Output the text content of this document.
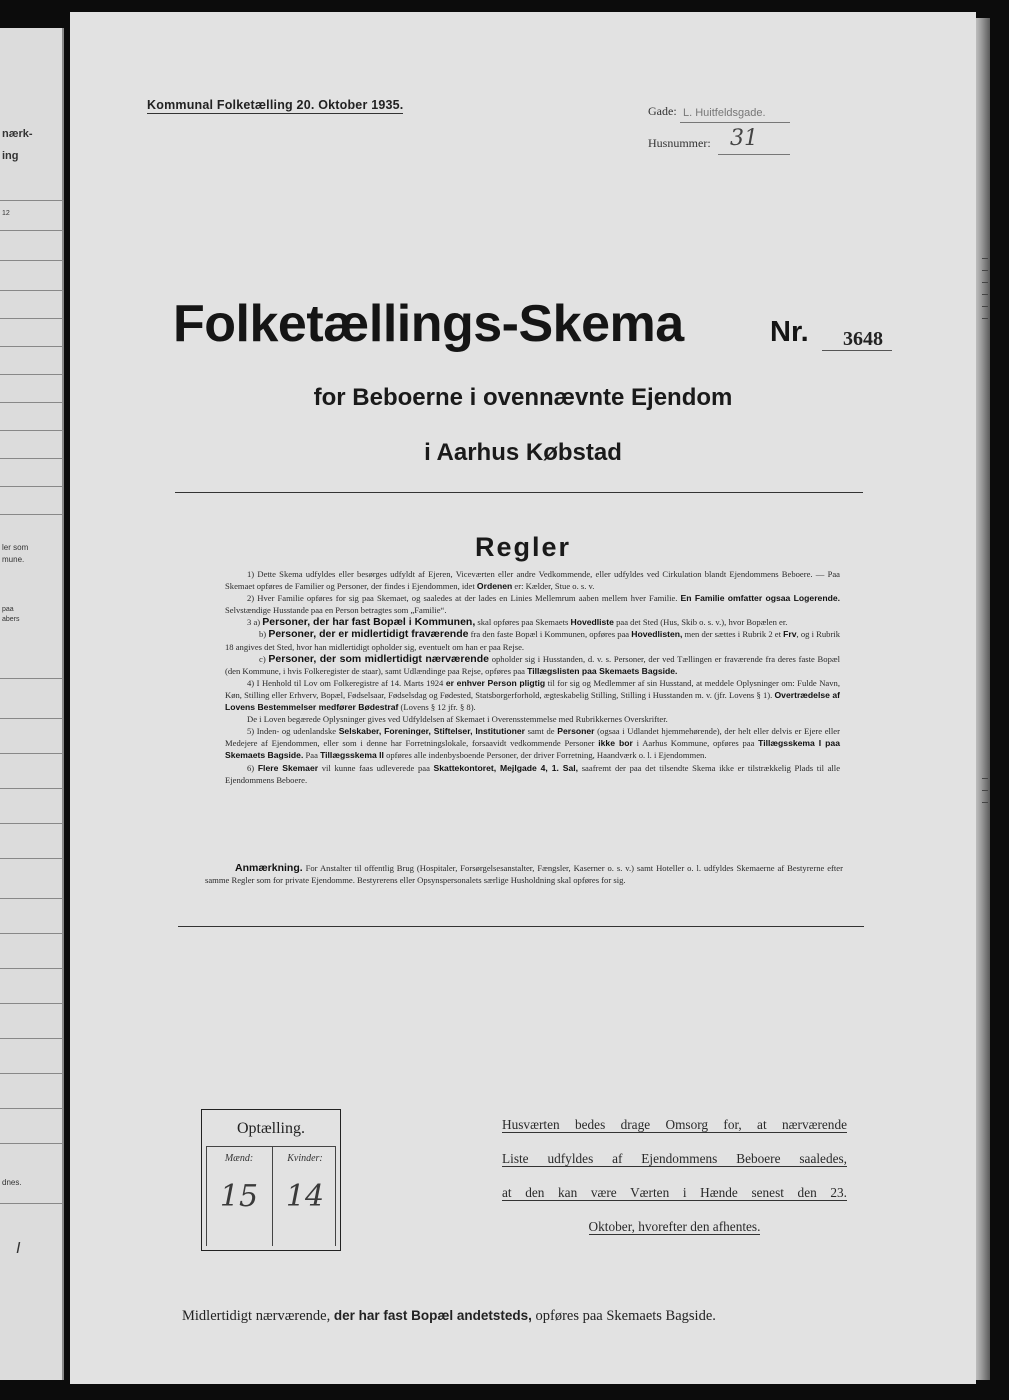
nærk-
ing
12
ler som
mune.
paa
abers
dnes.
I
Kommunal Folketælling 20. Oktober 1935.	Gade: L. Huitfeldsgade.
Husnummer: 31
Folketællings-Skema	Nr. 3648
for Beboerne i ovennævnte Ejendom
i Aarhus Købstad
Regler

1) Dette Skema udfyldes eller besørges udfyldt af Ejeren, Viceværten eller andre Vedkommende, eller udfyldes ved Cirkulation blandt Ejendommens Beboere. — Paa Skemaet opføres de Familier og Personer, der findes i Ejendommen, idet Ordenen er: Kælder, Stue o. s. v.

2) Hver Familie opføres for sig paa Skemaet, og saaledes at der lades en Linies Mellemrum aaben mellem hver Familie. En Familie omfatter ogsaa Logerende. Selvstændige Husstande paa en Person betragtes som „Familie“.

3 a) Personer, der har fast Bopæl i Kommunen, skal opføres paa Skemaets Hovedliste paa det Sted (Hus, Skib o. s. v.), hvor Bopælen er.

b) Personer, der er midlertidigt fraværende fra den faste Bopæl i Kommunen, opføres paa Hovedlisten, men der sættes i Rubrik 2 et Frv, og i Rubrik 18 angives det Sted, hvor han midlertidigt opholder sig, eventuelt om han er paa Rejse.

c) Personer, der som midlertidigt nærværende opholder sig i Husstanden, d. v. s. Personer, der ved Tællingen er fraværende fra deres faste Bopæl (den Kommune, i hvis Folkeregister de staar), samt Udlændinge paa Rejse, opføres paa Tillægslisten paa Skemaets Bagside.

4) I Henhold til Lov om Folkeregistre af 14. Marts 1924 er enhver Person pligtig til for sig og Medlemmer af sin Husstand, at meddele Oplysninger om: Fulde Navn, Køn, Stilling eller Erhverv, Bopæl, Fødselsaar, Fødselsdag og Fødested, Statsborgerforhold, ægteskabelig Stilling, Stilling i Husstanden m. v. (jfr. Lovens § 1). Overtrædelse af Lovens Bestemmelser medfører Bødestraf (Lovens § 12 jfr. § 8).

De i Loven begærede Oplysninger gives ved Udfyldelsen af Skemaet i Overensstemmelse med Rubrikkernes Overskrifter.

5) Inden- og udenlandske Selskaber, Foreninger, Stiftelser, Institutioner samt de Personer (ogsaa i Udlandet hjemmehørende), der helt eller delvis er Ejere eller Medejere af Ejendommen, eller som i denne har Forretningslokale, forsaavidt vedkommende Personer ikke bor i Aarhus Kommune, opføres paa Tillægsskema I paa Skemaets Bagside. Paa Tillægsskema II opføres alle indenbysboende Personer, der driver Forretning, Haandværk o. l. i Ejendommen.

6) Flere Skemaer vil kunne faas udleverede paa Skattekontoret, Mejlgade 4, 1. Sal, saafremt der paa det tilsendte Skema ikke er tilstrækkelig Plads til alle Ejendommens Beboere.

Anmærkning. For Anstalter til offentlig Brug (Hospitaler, Forsørgelsesanstalter, Fængsler, Kaserner o. s. v.) samt Hoteller o. l. udfyldes Skemaerne af Bestyrerne efter samme Regler som for private Ejendomme. Bestyrerens eller Opsynspersonalets særlige Husholdning skal opføres for sig.

Optælling.
Mænd:	Kvinder:
15 14
Husværten bedes drage Omsorg for, at nærværende
Liste udfyldes af Ejendommens Beboere saaledes,
at den kan være Værten i Hænde senest den 23.
Oktober, hvorefter den afhentes.
Midlertidigt nærværende, der har fast Bopæl andetsteds, opføres paa Skemaets Bagside.
